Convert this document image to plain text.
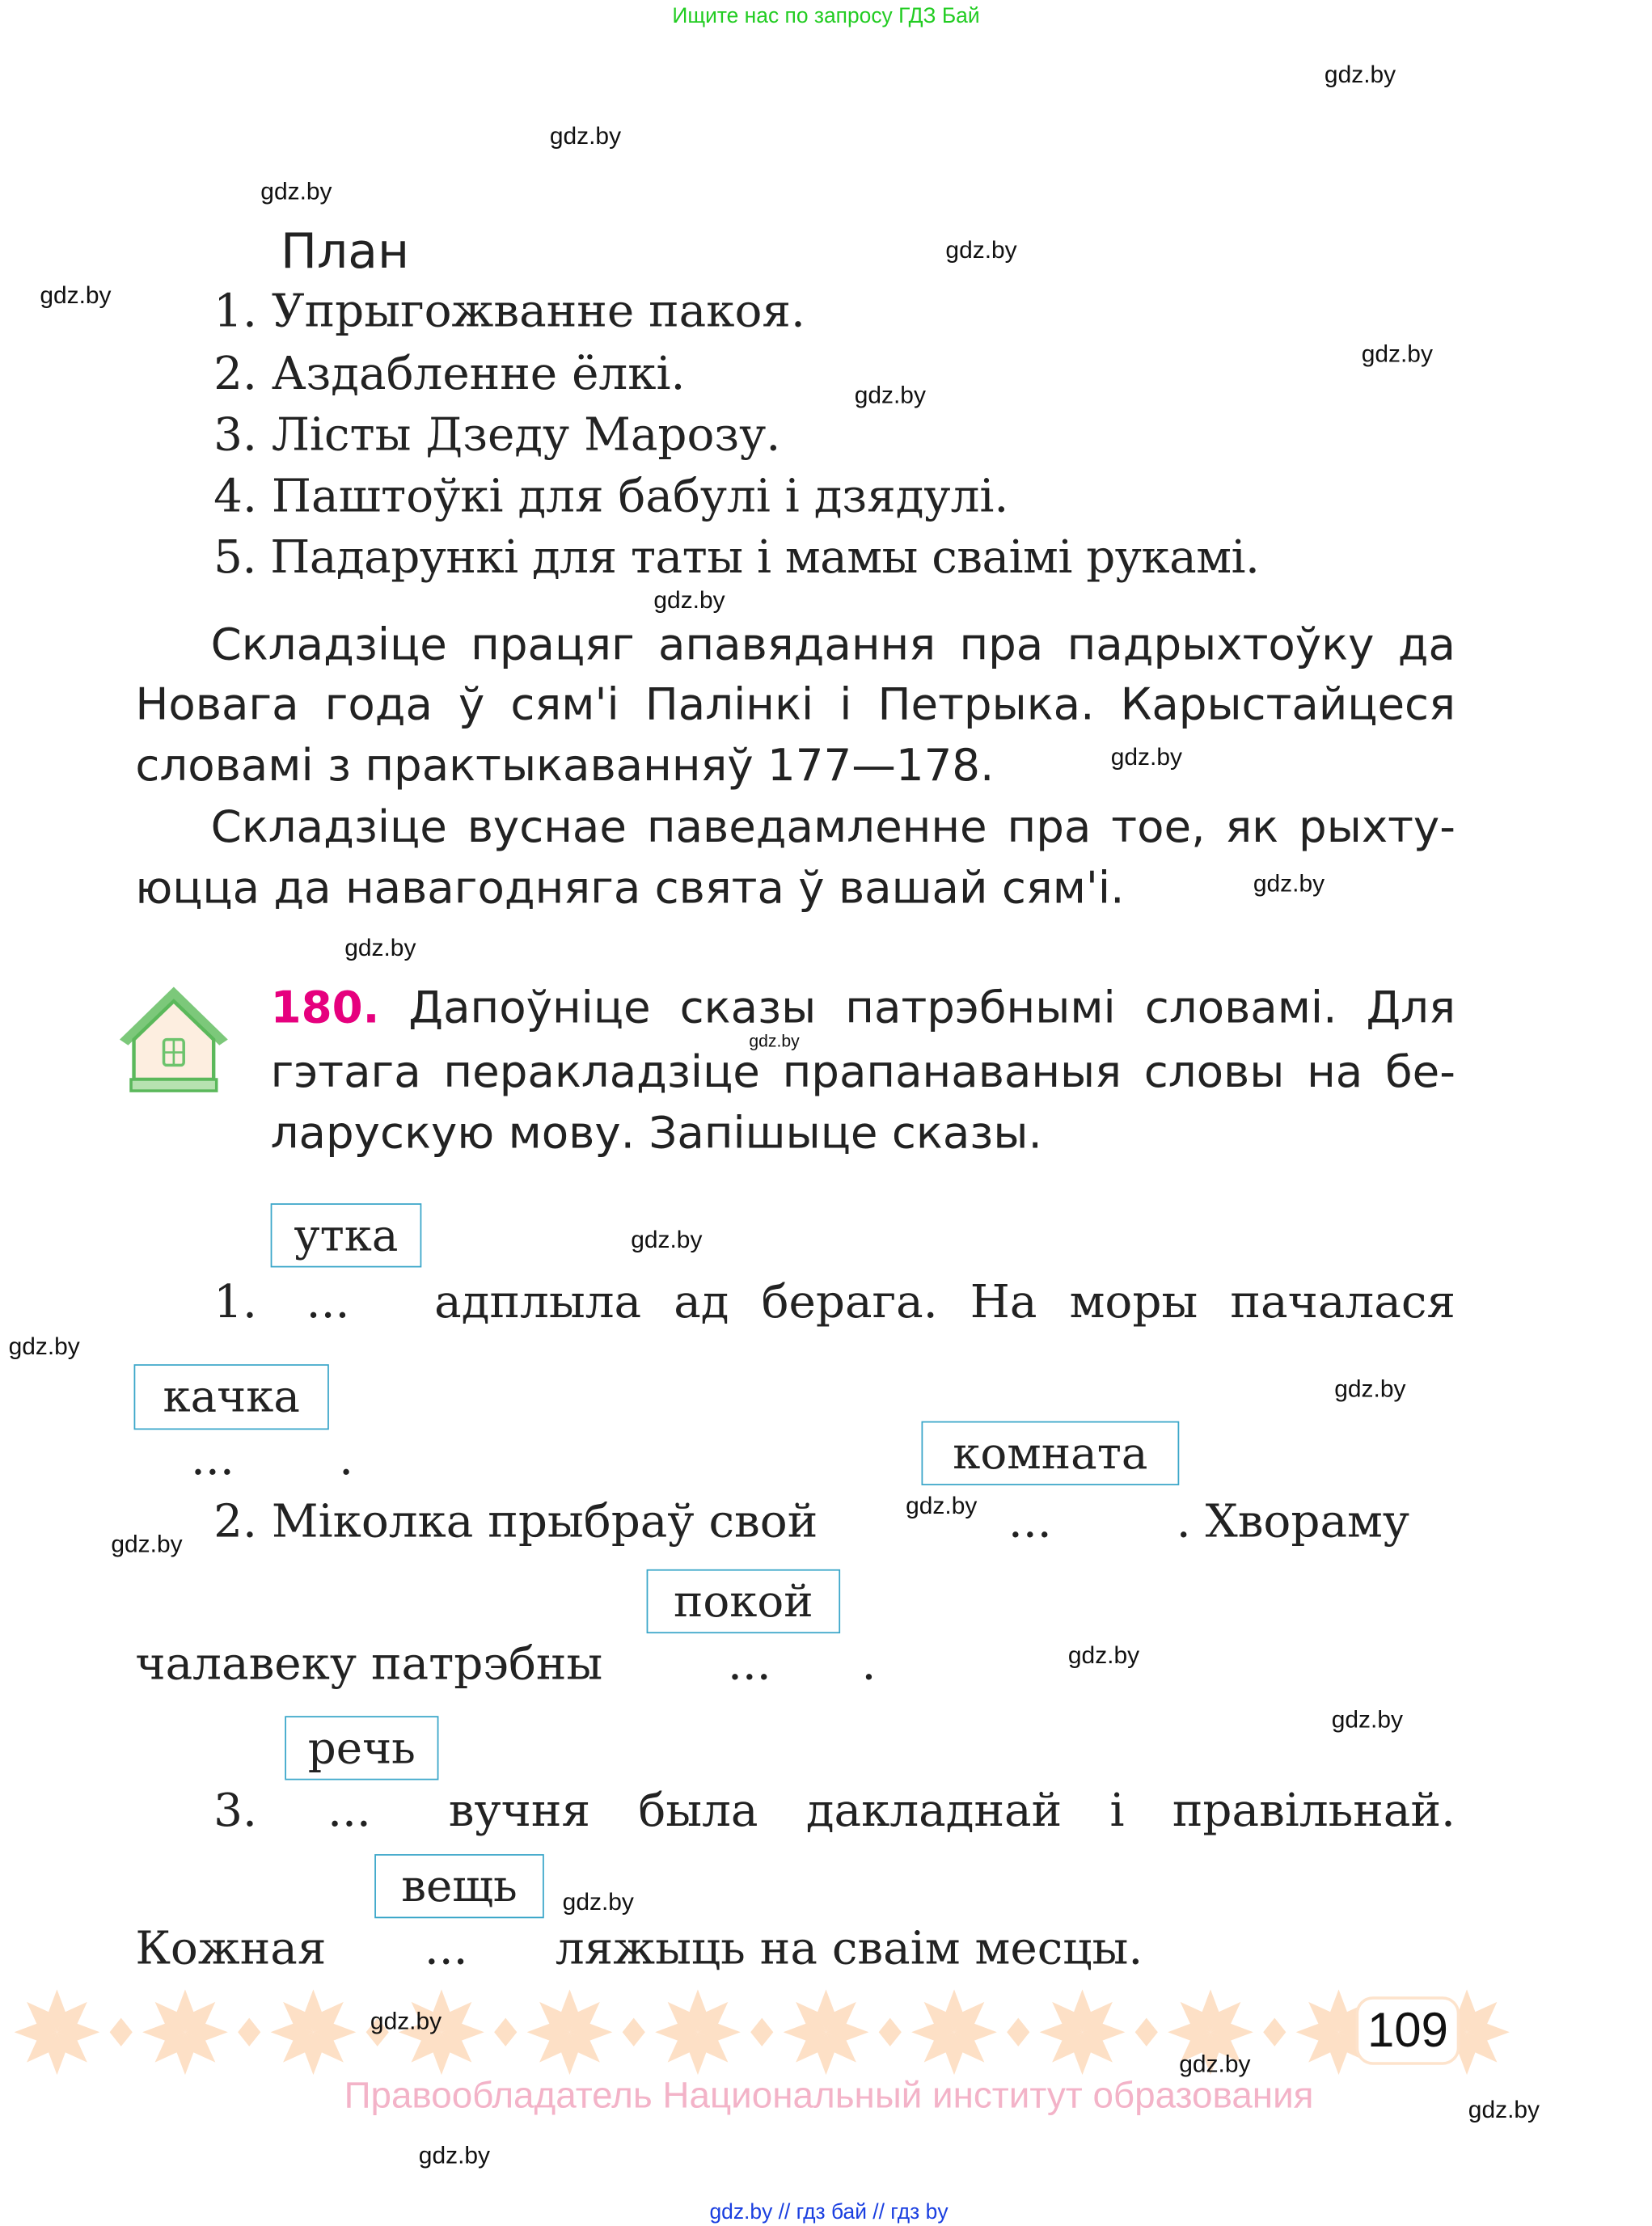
Ищите нас по запросу ГДЗ Бай
План
1. Упрыгожванне пакоя.
2. Аздабленне ёлкі.
3. Лісты Дзеду Марозу.
4. Паштоўкі для бабулі і дзядулі.
5. Падарункі для таты і мамы сваімі рукамі.
Складзіце працяг апавядання пра падрыхтоўку да
Новага года ў сям'і Палінкі і Петрыка. Карыстайцеся
словамі з практыкаванняў 177—178.
Складзіце вуснае паведамленне пра тое, як рыхту-
юцца да навагодняга свята ў вашай сям'і.
180. Дапоўніце сказы патрэбнымі словамі. Для
гэтага перакладзіце прапанаваныя словы на бе-
ларускую мову. Запішыце сказы.
утка
качка
комната
покой
речь
вещь
1. ...	адплыла ад берага. На моры пачалася
...	.
2. Міколка прыбраў свой	...	. Хвораму
чалавеку патрэбны	...	.
3.	...	вучня была дакладнай і правільнай.
Кожная	...	ляжыць на сваім месцы.
109
Правообладатель Национальный институт образования
gdz.by // гдз бай // гдз by
gdz.by
gdz.by
gdz.by
gdz.by
gdz.by
gdz.by
gdz.by
gdz.by
gdz.by
gdz.by
gdz.by
gdz.by
gdz.by
gdz.by
gdz.by
gdz.by
gdz.by
gdz.by
gdz.by
gdz.by
gdz.by
gdz.by
gdz.by
gdz.by
